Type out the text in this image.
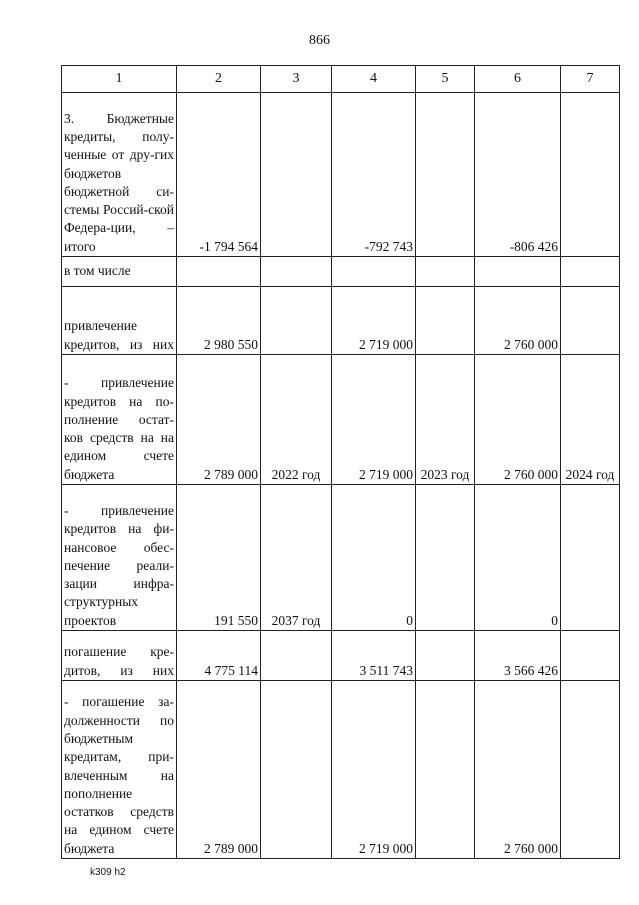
866
1	2	3	4	5	6	7
3. Бюджетные кредиты, полу-ченные от дру-гих бюджетов бюджетной си-стемы Россий-ской Федера-ции, – итого	-1 794 564		-792 743		-806 426	
в том числе						
привлечение кредитов, из них	2 980 550		2 719 000		2 760 000	
- привлечение кредитов на по-полнение остат-ков средств на на едином счете бюджета	2 789 000	2022 год	2 719 000	2023 год	2 760 000	2024 год
- привлечение кредитов на фи-нансовое обес-печение реали-зации инфра-структурных проектов	191 550	2037 год	0		0	
погашение кре-дитов, из них	4 775 114		3 511 743		3 566 426	
- погашение за-долженности по бюджетным кредитам, при-влеченным на пополнение остатков средств на едином счете бюджета	2 789 000		2 719 000		2 760 000	
k309 h2
